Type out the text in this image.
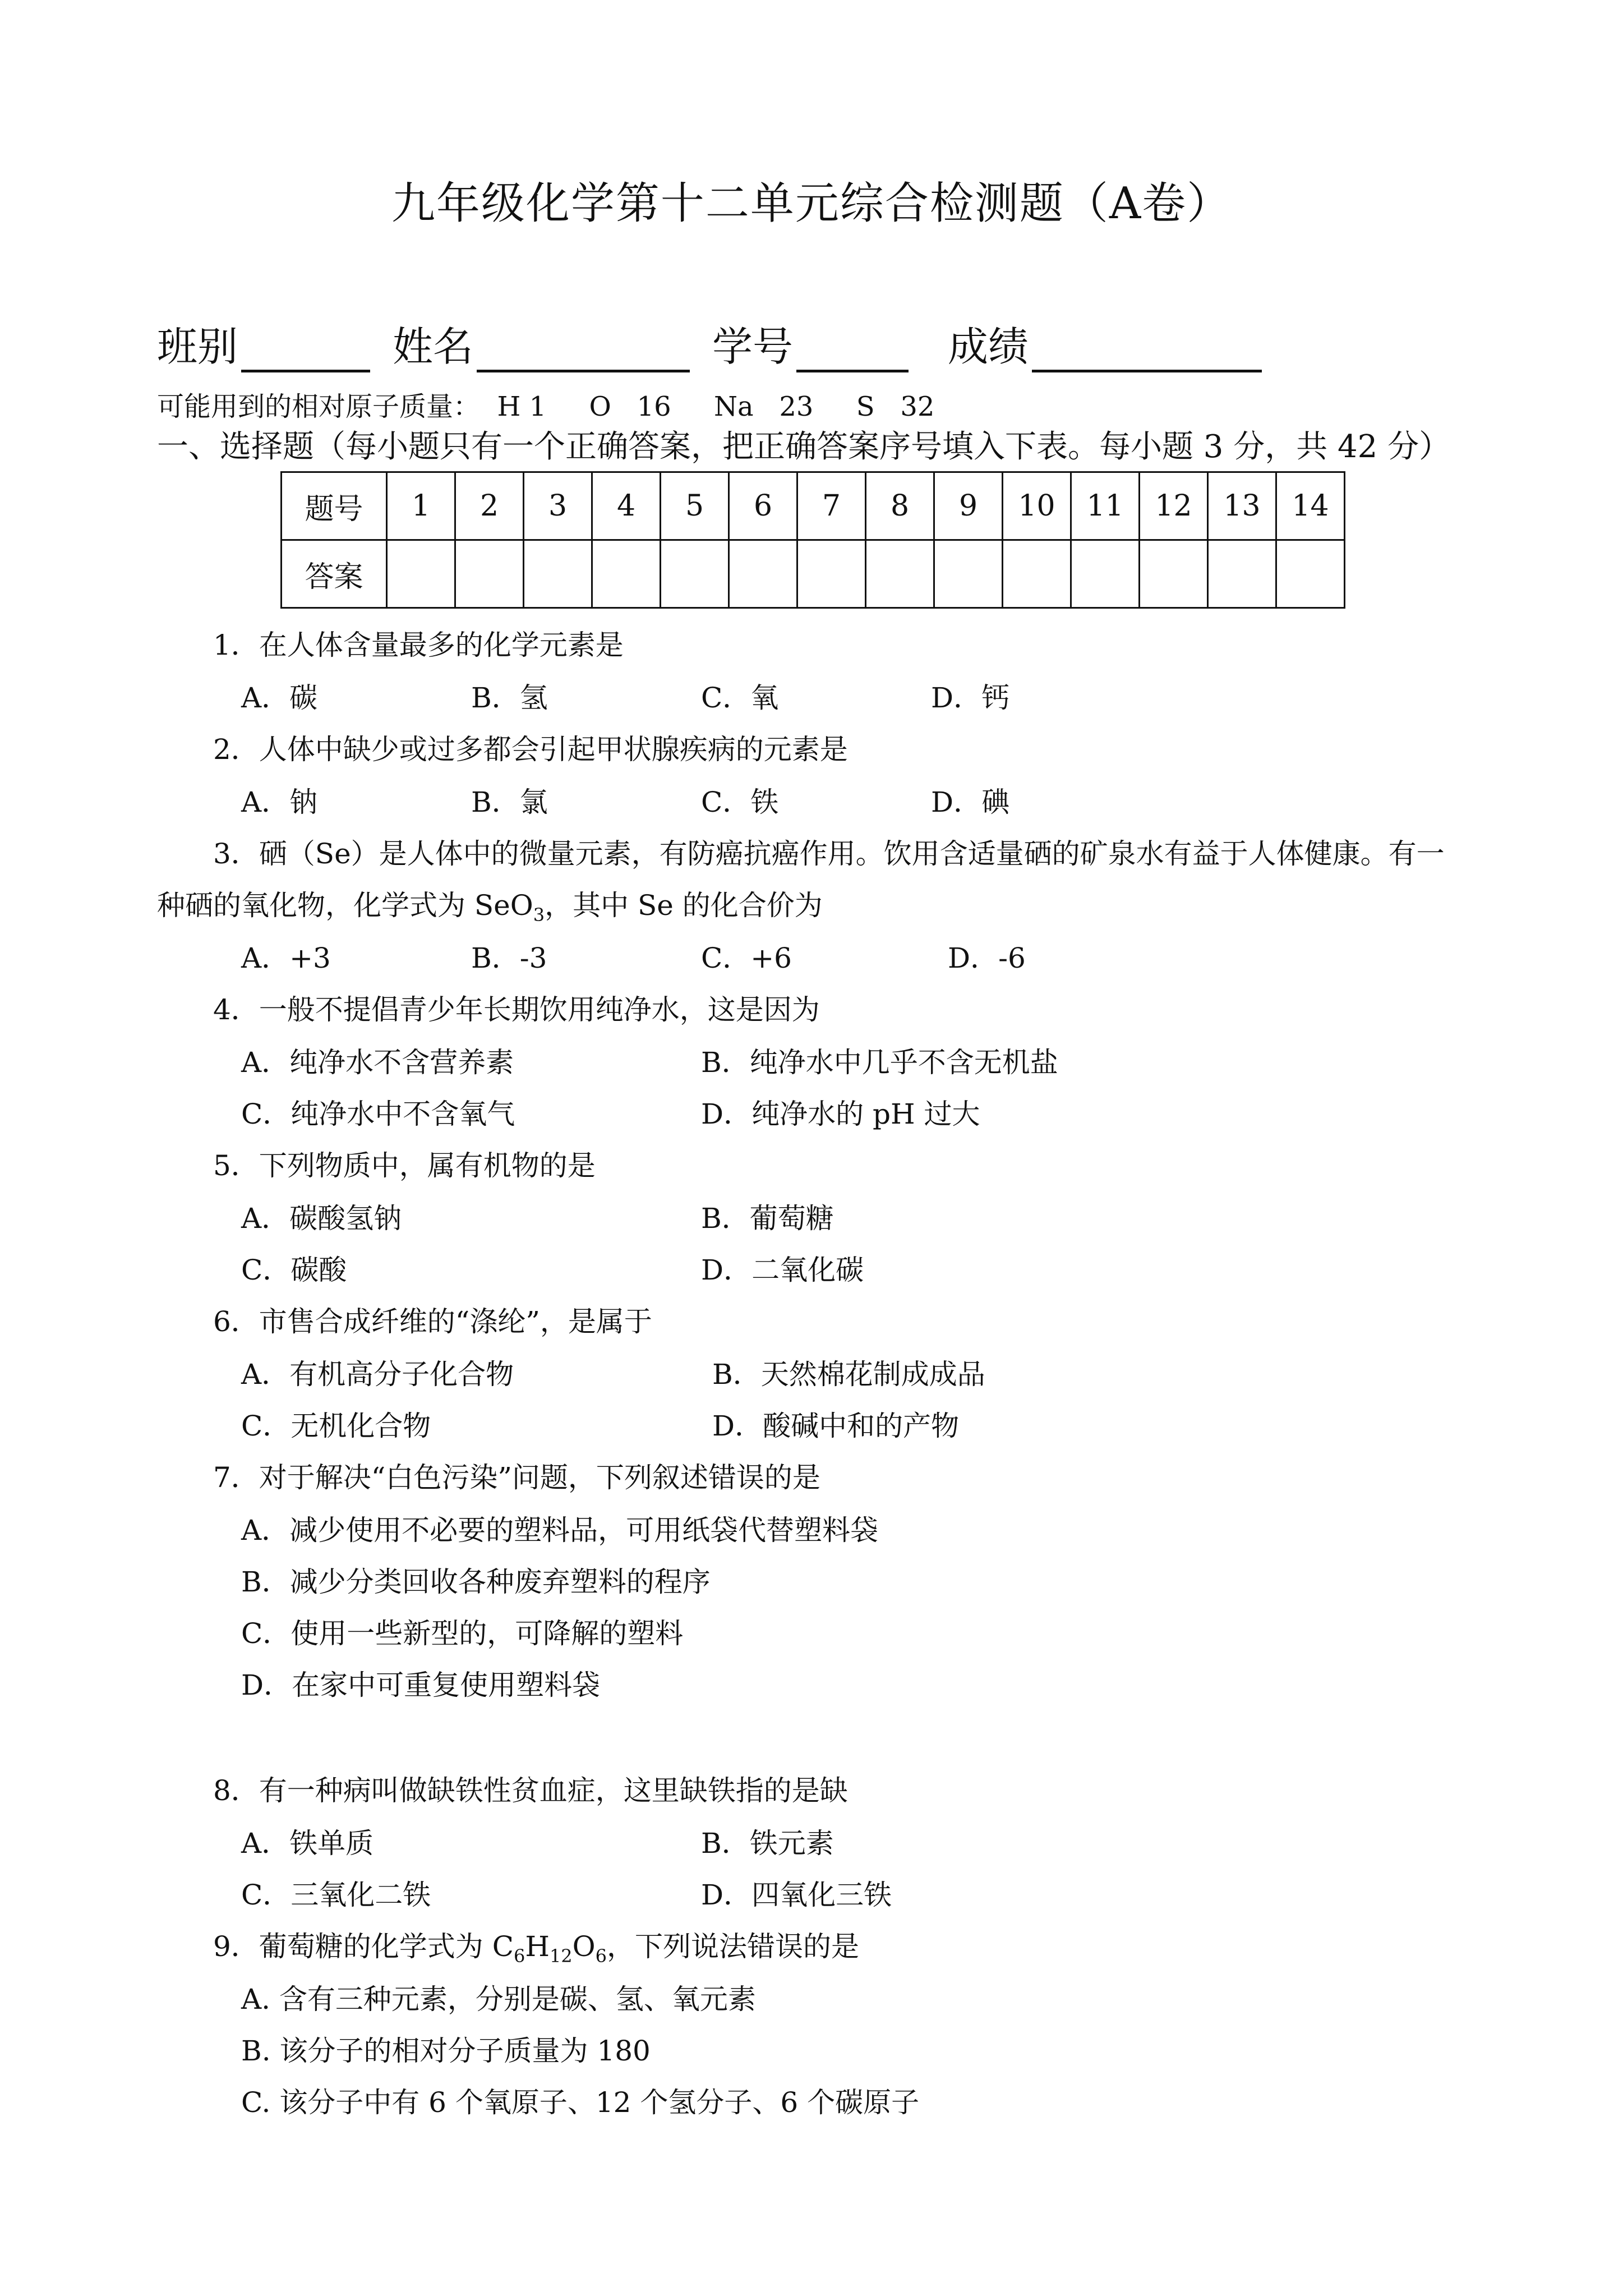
九年级化学第十二单元综合检测题（A卷）
班别	姓名	学号	成绩
可能用到的相对原子质量：  H 1     O   16     Na   23     S   32
一、选择题（每小题只有一个正确答案，把正确答案序号填入下表。每小题 3 分，共 42 分）
题号	1	2	3	4	5	6	7	8	9	10	11	12	13	14
答案														
1．在人体含量最多的化学元素是
A．碳	B．氢	C．氧	D．钙
2．人体中缺少或过多都会引起甲状腺疾病的元素是
A．钠	B．氯	C．铁	D．碘
3．硒（Se）是人体中的微量元素，有防癌抗癌作用。饮用含适量硒的矿泉水有益于人体健康。有一
种硒的氧化物，化学式为 SeO$_3$，其中 Se 的化合价为
A．+3	B．-3	C．+6	D．-6
4．一般不提倡青少年长期饮用纯净水，这是因为
A．纯净水不含营养素	B．纯净水中几乎不含无机盐
C．纯净水中不含氧气	D．纯净水的 pH 过大
5．下列物质中，属有机物的是
A．碳酸氢钠	B．葡萄糖
C．碳酸	D．二氧化碳
6．市售合成纤维的“涤纶”，是属于
A．有机高分子化合物	B．天然棉花制成成品
C．无机化合物	D．酸碱中和的产物
7．对于解决“白色污染”问题，下列叙述错误的是
A．减少使用不必要的塑料品，可用纸袋代替塑料袋
B．减少分类回收各种废弃塑料的程序
C．使用一些新型的，可降解的塑料
D．在家中可重复使用塑料袋
8．有一种病叫做缺铁性贫血症，这里缺铁指的是缺
A．铁单质	B．铁元素
C．三氧化二铁	D．四氧化三铁
9．葡萄糖的化学式为 $C_6H_{12}O_6$，下列说法错误的是
A. 含有三种元素，分别是碳、氢、氧元素
B. 该分子的相对分子质量为 180
C. 该分子中有 6 个氧原子、12 个氢分子、6 个碳原子
